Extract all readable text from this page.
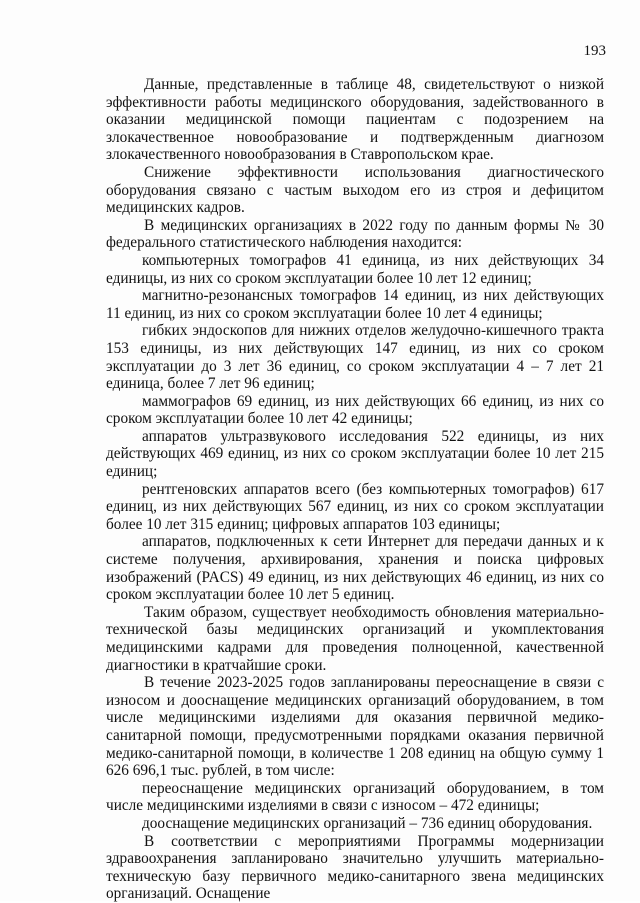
193

Данные, представленные в таблице 48, свидетельствуют о низкой эффективности работы медицинского оборудования, задействованного в оказании медицинской помощи пациентам с подозрением на злокачественное новообразование и подтвержденным диагнозом злокачественного новообразования в Ставропольском крае.

Снижение эффективности использования диагностического оборудования связано с частым выходом его из строя и дефицитом медицинских кадров.

В медицинских организациях в 2022 году по данным формы № 30 федерального статистического наблюдения находится:

компьютерных томографов 41 единица, из них действующих 34 единицы, из них со сроком эксплуатации более 10 лет 12 единиц;

магнитно-резонансных томографов 14 единиц, из них действующих 11 единиц, из них со сроком эксплуатации более 10 лет 4 единицы;

гибких эндоскопов для нижних отделов желудочно-кишечного тракта 153 единицы, из них действующих 147 единиц, из них со сроком эксплуатации до 3 лет 36 единиц, со сроком эксплуатации 4 – 7 лет 21 единица, более 7 лет 96 единиц;

маммографов 69 единиц, из них действующих 66 единиц, из них со сроком эксплуатации более 10 лет 42 единицы;

аппаратов ультразвукового исследования 522 единицы, из них действующих 469 единиц, из них со сроком эксплуатации более 10 лет 215 единиц;

рентгеновских аппаратов всего (без компьютерных томографов) 617 единиц, из них действующих 567 единиц, из них со сроком эксплуатации более 10 лет 315 единиц; цифровых аппаратов 103 единицы;

аппаратов, подключенных к сети Интернет для передачи данных и к системе получения, архивирования, хранения и поиска цифровых изображений (PACS) 49 единиц, из них действующих 46 единиц, из них со сроком эксплуатации более 10 лет 5 единиц.

Таким образом, существует необходимость обновления материально-технической базы медицинских организаций и укомплектования медицинскими кадрами для проведения полноценной, качественной диагностики в кратчайшие сроки.

В течение 2023-2025 годов запланированы переоснащение в связи с износом и дооснащение медицинских организаций оборудованием, в том числе медицинскими изделиями для оказания первичной медико-санитарной помощи, предусмотренными порядками оказания первичной медико-санитарной помощи, в количестве 1 208 единиц на общую сумму 1 626 696,1 тыс. рублей, в том числе:

переоснащение медицинских организаций оборудованием, в том числе медицинскими изделиями в связи с износом – 472 единицы;

дооснащение медицинских организаций – 736 единиц оборудования.

В соответствии с мероприятиями Программы модернизации здравоохранения запланировано значительно улучшить материально-техническую базу первичного медико-санитарного звена медицинских организаций. Оснащение
